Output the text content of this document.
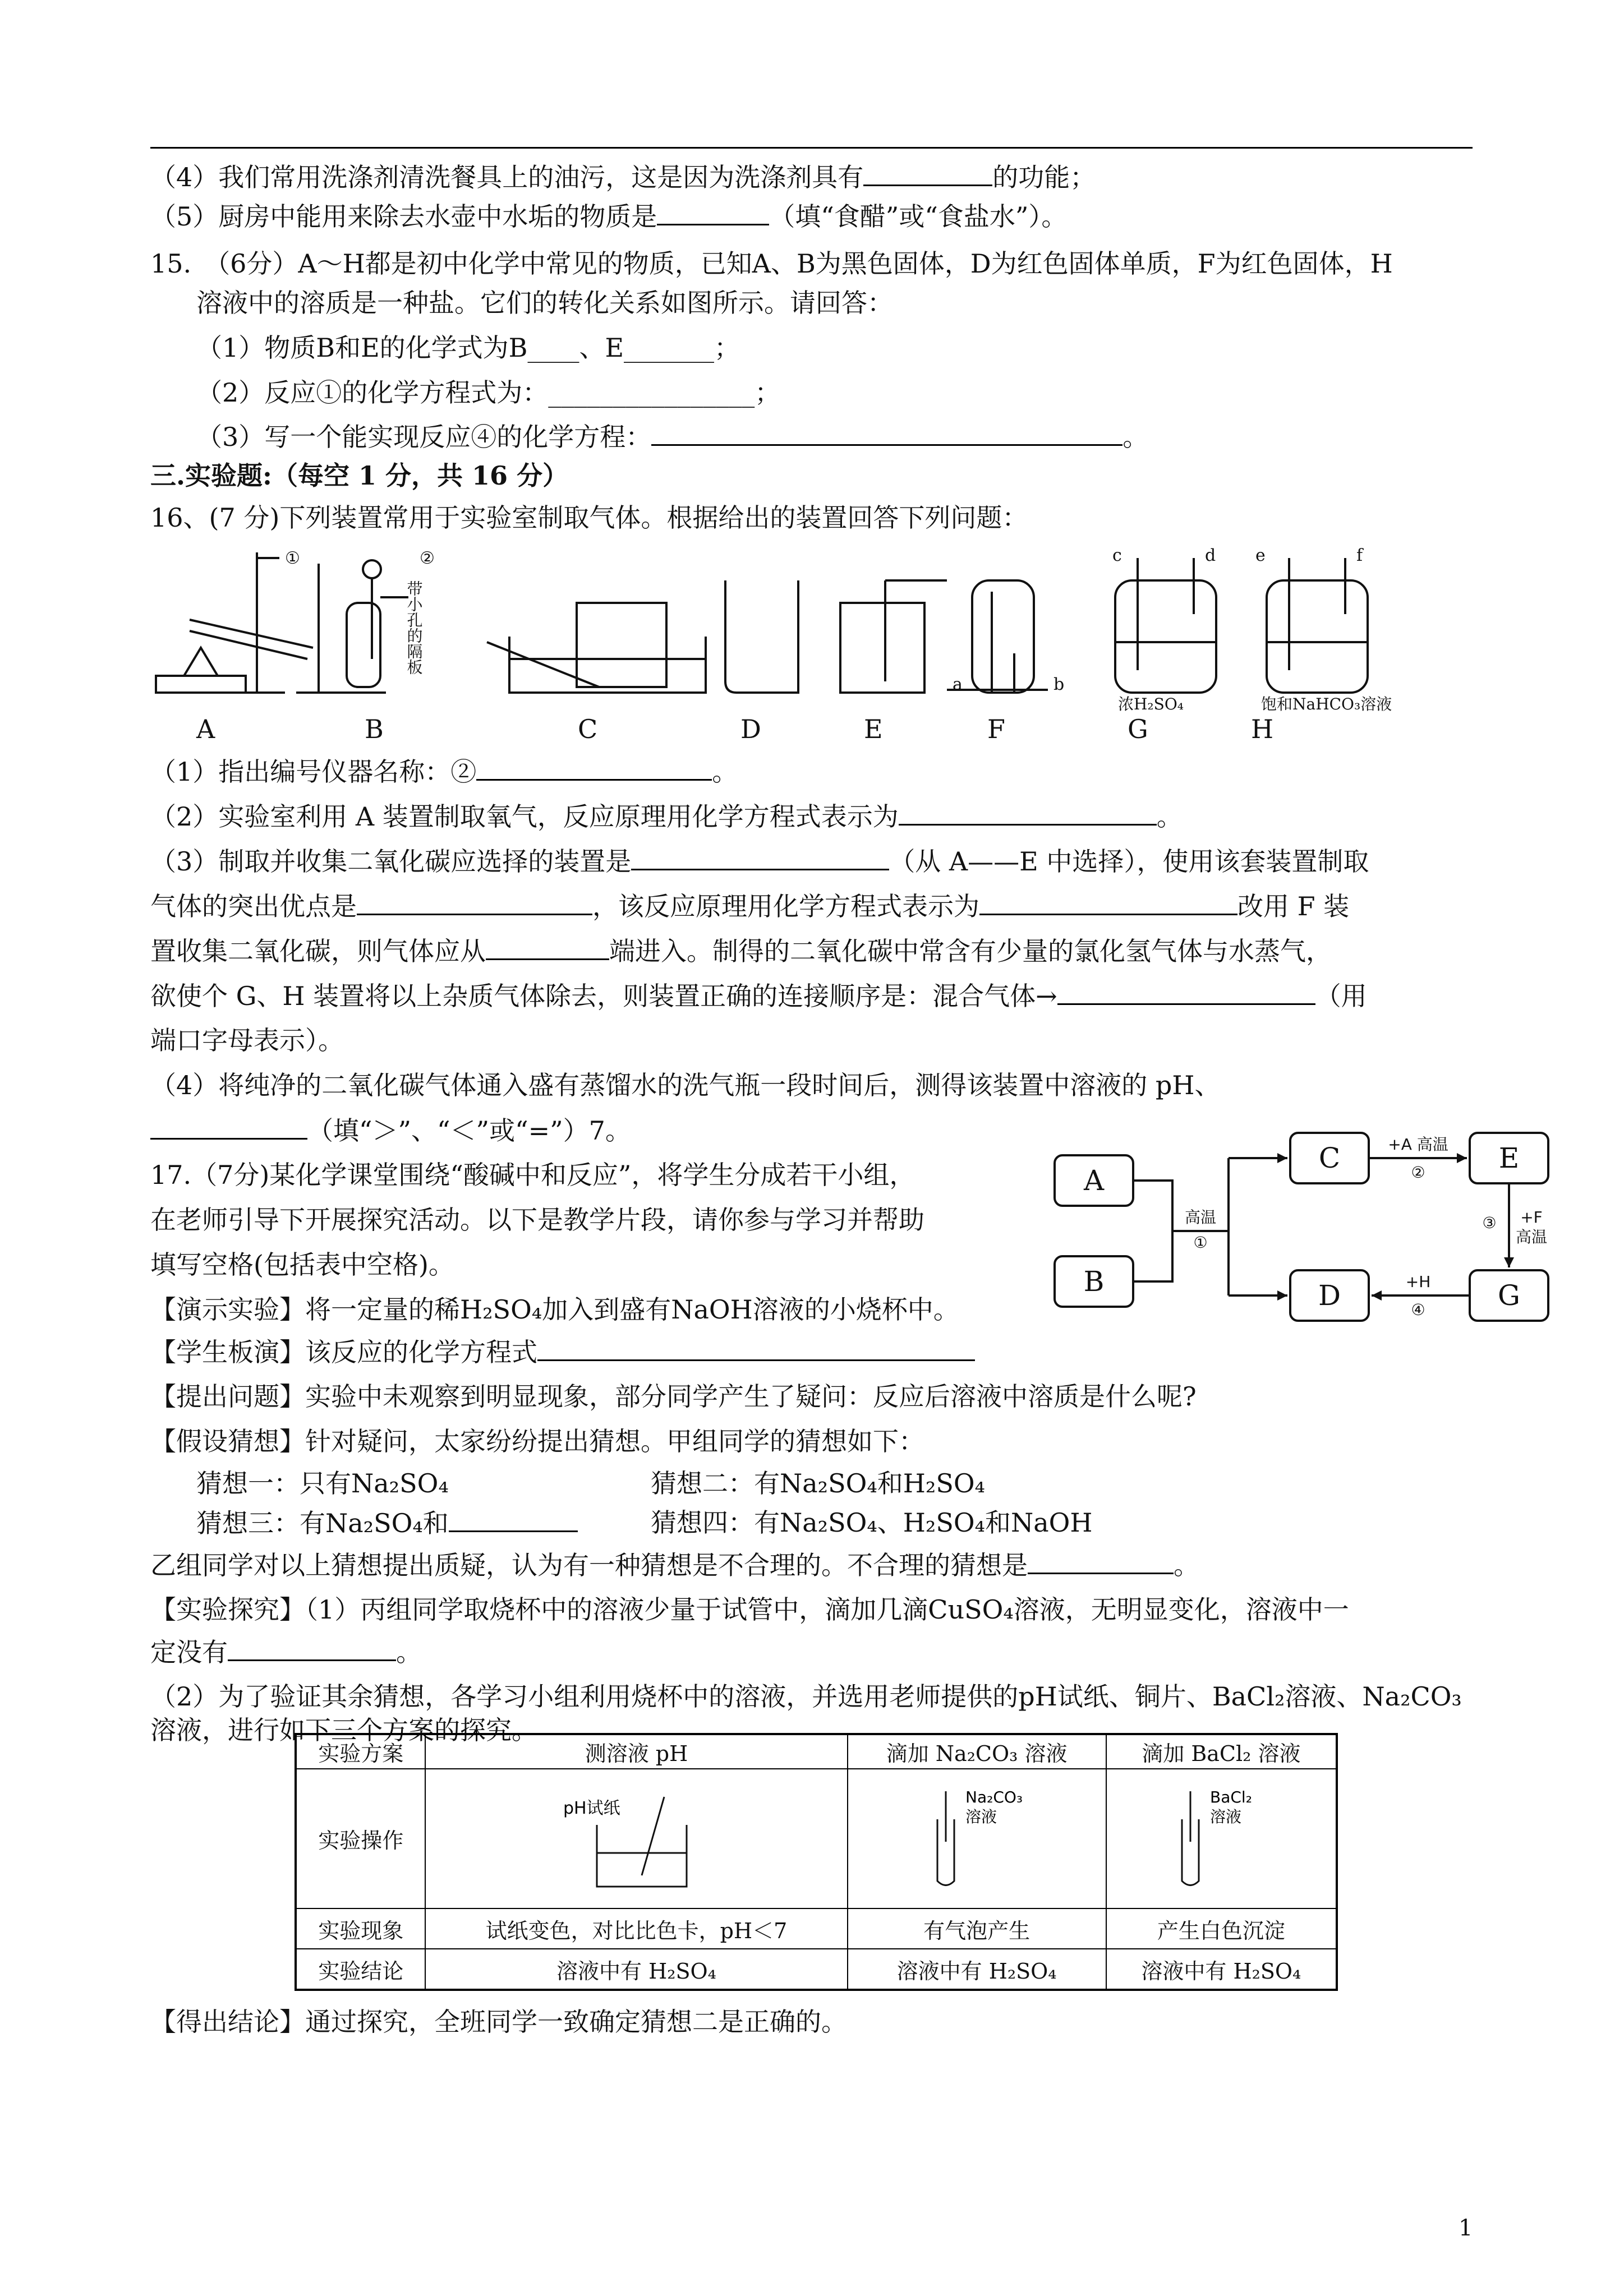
（4）我们常用洗涤剂清洗餐具上的油污，这是因为洗涤剂具有	的功能；
（5）厨房中能用来除去水壶中水垢的物质是	（填“食醋”或“食盐水”）。
15.　（6分）A～H都是初中化学中常见的物质，已知A、B为黑色固体，D为红色固体单质，F为红色固体，H
溶液中的溶质是一种盐。它们的转化关系如图所示。请回答：
（1）物质B和E的化学式为B____、E_______；
（2）反应①的化学方程式为：________________；
（3）写一个能实现反应④的化学方程：	。
三.实验题:（每空 1 分，共 16 分）
16、(7 分)下列装置常用于实验室制取气体。根据给出的装置回答下列问题：
①	②
a	b
c	d e	f
带小孔的隔板
浓H₂SO₄	饱和NaHCO₃溶液
A	B	C	D	E	F	G	H
（1）指出编号仪器名称：②	。
（2）实验室利用 A 装置制取氧气，反应原理用化学方程式表示为	。
（3）制取并收集二氧化碳应选择的装置是	（从 A——E 中选择），使用该套装置制取
气体的突出优点是	，该反应原理用化学方程式表示为	改用 F 装
置收集二氧化碳，则气体应从	端进入。制得的二氧化碳中常含有少量的氯化氢气体与水蒸气，
欲使个 G、H 装置将以上杂质气体除去，则装置正确的连接顺序是：混合气体→	（用
端口字母表示）。
（4）将纯净的二氧化碳气体通入盛有蒸馏水的洗气瓶一段时间后，测得该装置中溶液的 pH、
（填“＞”、“＜”或“=”）7。
17.（7分)某化学课堂围绕“酸碱中和反应”，将学生分成若干小组，
在老师引导下开展探究活动。以下是教学片段，请你参与学习并帮助
填写空格(包括表中空格)。
A
B
C
D
E
G
高温
①
+A 高温
②
③ +F
高温
+H
④
【演示实验】将一定量的稀H₂SO₄加入到盛有NaOH溶液的小烧杯中。
【学生板演】该反应的化学方程式
【提出问题】实验中未观察到明显现象，部分同学产生了疑问：反应后溶液中溶质是什么呢?
【假设猜想】针对疑问，太家纷纷提出猜想。甲组同学的猜想如下：
猜想一：只有Na₂SO₄	猜想二：有Na₂SO₄和H₂SO₄
猜想三：有Na₂SO₄和	猜想四：有Na₂SO₄、H₂SO₄和NaOH
乙组同学对以上猜想提出质疑，认为有一种猜想是不合理的。不合理的猜想是	。
【实验探究】（1）丙组同学取烧杯中的溶液少量于试管中，滴加几滴CuSO₄溶液，无明显变化，溶液中一
定没有	。
（2）为了验证其余猜想，各学习小组利用烧杯中的溶液，并选用老师提供的pH试纸、铜片、BaCl₂溶液、Na₂CO₃
溶液，进行如下三个方案的探究。
实验方案	测溶液 pH	滴加 Na₂CO₃ 溶液	滴加 BaCl₂ 溶液
实验操作	pH试纸	Na₂CO₃
溶液	BaCl₂
溶液

实验现象	试纸变色，对比比色卡，pH＜7	有气泡产生	产生白色沉淀
实验结论	溶液中有 H₂SO₄	溶液中有 H₂SO₄	溶液中有 H₂SO₄
【得出结论】通过探究，全班同学一致确定猜想二是正确的。
1
